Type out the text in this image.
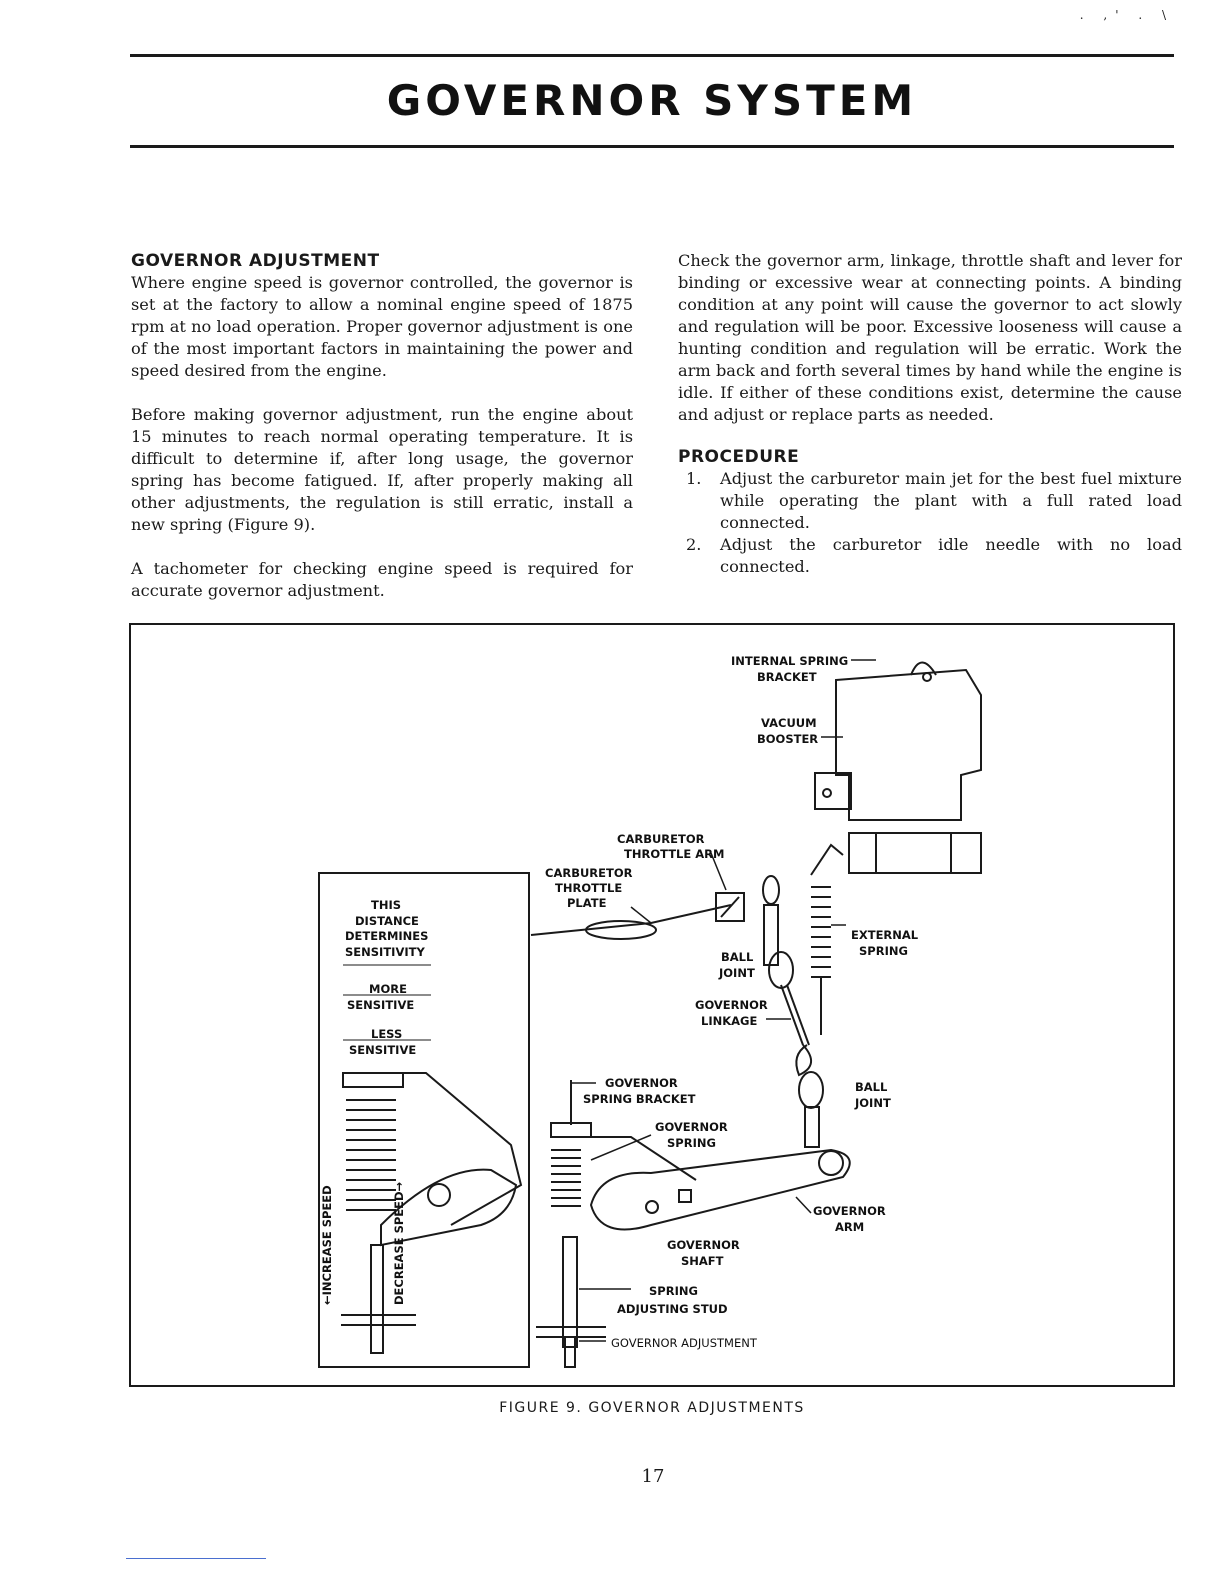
. ,' . \
GOVERNOR SYSTEM
GOVERNOR ADJUSTMENT

Where engine speed is governor controlled, the governor is set at the factory to allow a nominal engine speed of 1875 rpm at no load operation. Proper governor adjustment is one of the most important factors in maintaining the power and speed desired from the engine.

Before making governor adjustment, run the engine about 15 minutes to reach normal operating temperature. It is difficult to determine if, after long usage, the governor spring has become fatigued. If, after properly making all other adjustments, the regulation is still erratic, install a new spring (Figure 9).

A tachometer for checking engine speed is required for accurate governor adjustment.

Check the governor arm, linkage, throttle shaft and lever for binding or excessive wear at connecting points. A binding condition at any point will cause the governor to act slowly and regulation will be poor. Excessive looseness will cause a hunting condition and regulation will be erratic. Work the arm back and forth several times by hand while the engine is idle. If either of these conditions exist, determine the cause and adjust or replace parts as needed.

PROCEDURE
1. Adjust the carburetor main jet for the best fuel mixture while operating the plant with a full rated load connected.
2. Adjust the carburetor idle needle with no load connected.
INTERNAL SPRING
BRACKET
VACUUM
BOOSTER
CARBURETOR
THROTTLE ARM
CARBURETOR
THROTTLE
PLATE
EXTERNAL
SPRING
BALL
JOINT
GOVERNOR
LINKAGE
GOVERNOR
SPRING BRACKET
BALL
JOINT
GOVERNOR
SPRING
GOVERNOR
ARM
GOVERNOR
SHAFT
SPRING
ADJUSTING STUD
GOVERNOR ADJUSTMENT
THIS
DISTANCE
DETERMINES
SENSITIVITY
MORE
SENSITIVE
LESS
SENSITIVE
←INCREASE SPEED	DECREASE SPEED→
FIGURE 9. GOVERNOR ADJUSTMENTS
17
